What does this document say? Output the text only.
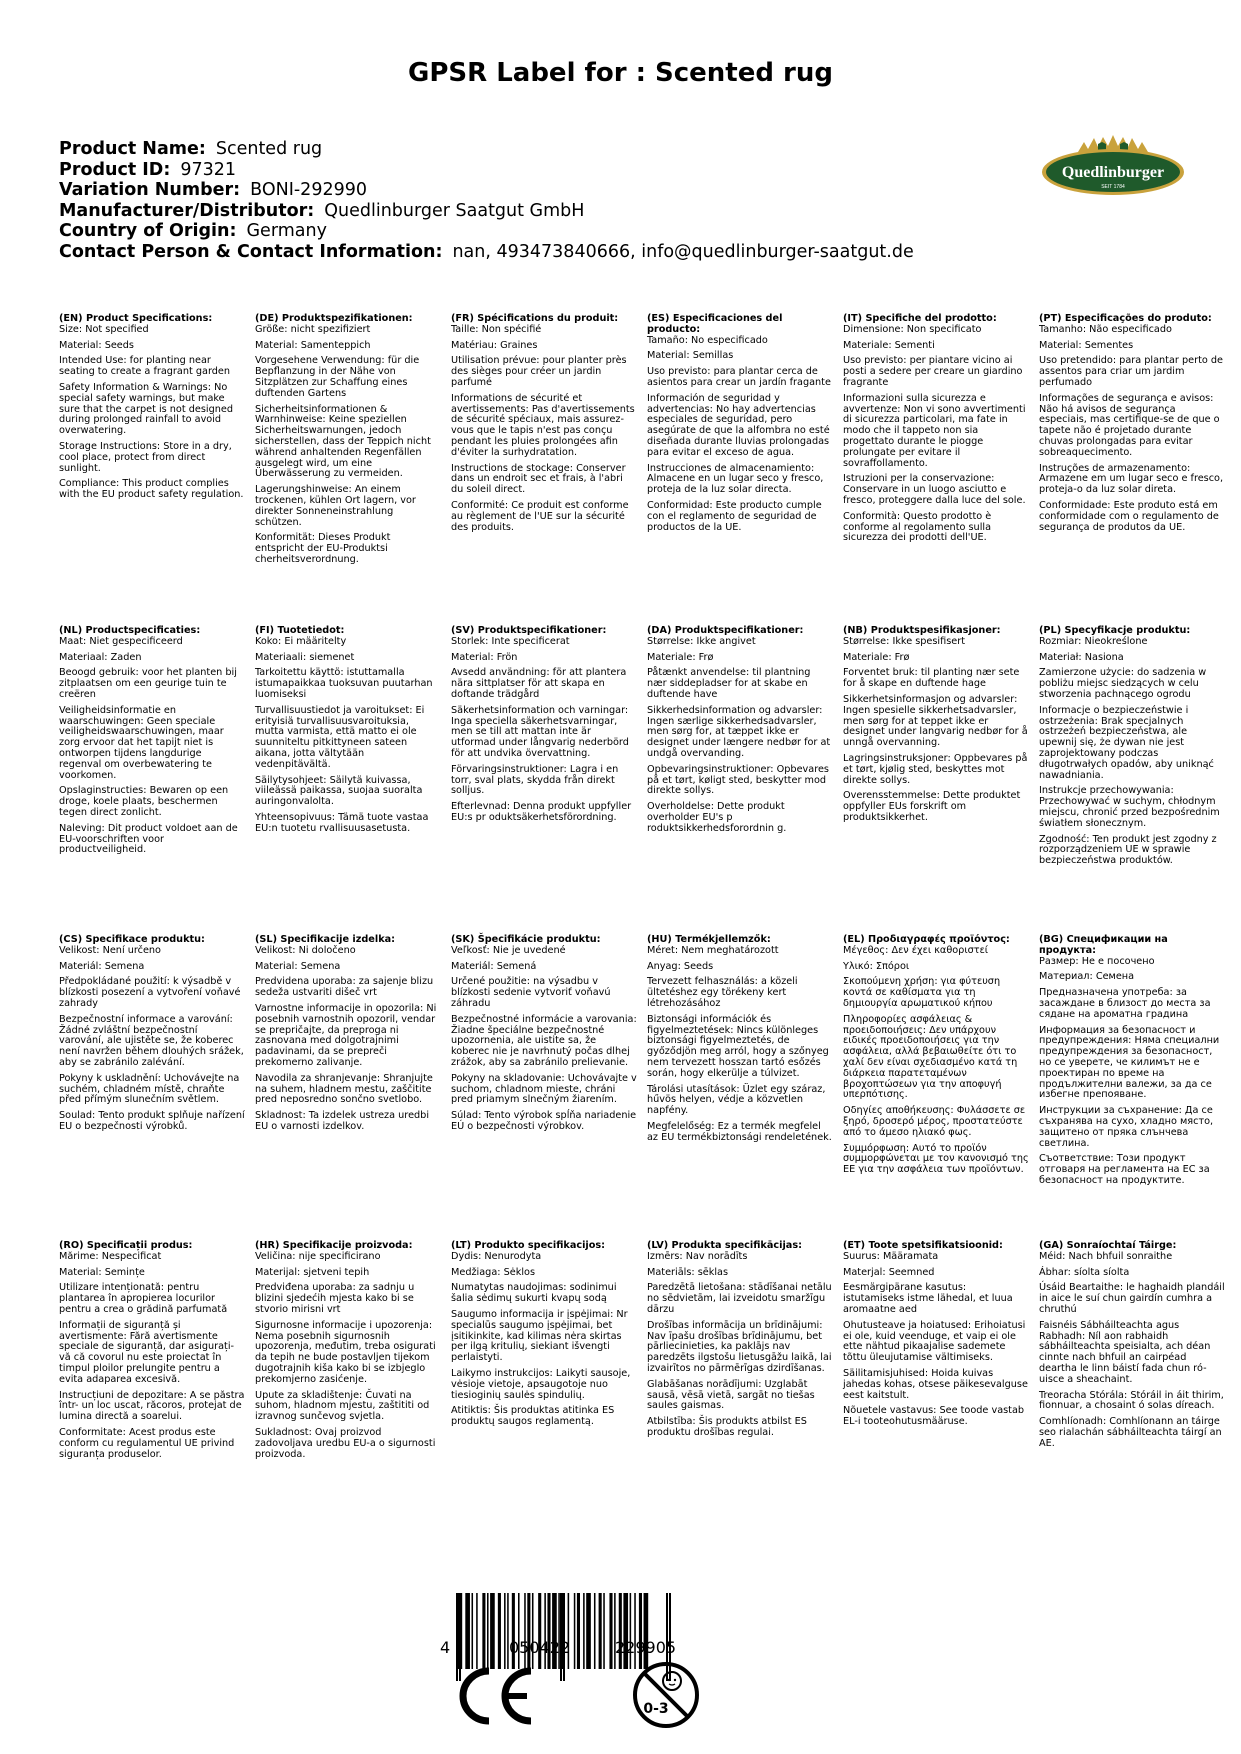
GPSR Label for : Scented rug
Product Name: Scented rug
Product ID: 97321
Variation Number: BONI-292990
Manufacturer/Distributor: Quedlinburger Saatgut GmbH
Country of Origin: Germany
Contact Person & Contact Information: nan, 493473840666, info@quedlinburger-saatgut.de
Quedlinburger
SEIT 1784
(EN) Product Specifications:
Size: Not specified
Material: Seeds
Intended Use: for planting near seating to create a fragrant garden
Safety Information & Warnings: No special safety warnings, but make sure that the carpet is not designed during prolonged rainfall to avoid overwatering.
Storage Instructions: Store in a dry, cool place, protect from direct sunlight.
Compliance: This product complies with the EU product safety regulation.
(DE) Produktspezifikationen:
Größe: nicht spezifiziert
Material: Samenteppich
Vorgesehene Verwendung: für die Bepflanzung in der Nähe von Sitzplätzen zur Schaffung eines duftenden Gartens
Sicherheitsinformationen & Warnhinweise: Keine speziellen Sicherheitswarnungen, jedoch sicherstellen, dass der Teppich nicht während anhaltenden Regenfällen ausgelegt wird, um eine Überwässerung zu vermeiden.
Lagerungshinweise: An einem trockenen, kühlen Ort lagern, vor direkter Sonneneinstrahlung schützen.
Konformität: Dieses Produkt entspricht der EU-Produktsi cherheitsverordnung.
(FR) Spécifications du produit:
Taille: Non spécifié
Matériau: Graines
Utilisation prévue: pour planter près des sièges pour créer un jardin parfumé
Informations de sécurité et avertissements: Pas d'avertissements de sécurité spéciaux, mais assurez-vous que le tapis n'est pas conçu pendant les pluies prolongées afin d'éviter la surhydratation.
Instructions de stockage: Conserver dans un endroit sec et frais, à l'abri du soleil direct.
Conformité: Ce produit est conforme au règlement de l'UE sur la sécurité des produits.
(ES) Especificaciones del producto:
Tamaño: No especificado
Material: Semillas
Uso previsto: para plantar cerca de asientos para crear un jardín fragante
Información de seguridad y advertencias: No hay advertencias especiales de seguridad, pero asegúrate de que la alfombra no esté diseñada durante lluvias prolongadas para evitar el exceso de agua.
Instrucciones de almacenamiento: Almacene en un lugar seco y fresco, proteja de la luz solar directa.
Conformidad: Este producto cumple con el reglamento de seguridad de productos de la UE.
(IT) Specifiche del prodotto:
Dimensione: Non specificato
Materiale: Sementi
Uso previsto: per piantare vicino ai posti a sedere per creare un giardino fragrante
Informazioni sulla sicurezza e avvertenze: Non vi sono avvertimenti di sicurezza particolari, ma fate in modo che il tappeto non sia progettato durante le piogge prolungate per evitare il sovraffollamento.
Istruzioni per la conservazione: Conservare in un luogo asciutto e fresco, proteggere dalla luce del sole.
Conformità: Questo prodotto è conforme al regolamento sulla sicurezza dei prodotti dell'UE.
(PT) Especificações do produto:
Tamanho: Não especificado
Material: Sementes
Uso pretendido: para plantar perto de assentos para criar um jardim perfumado
Informações de segurança e avisos: Não há avisos de segurança especiais, mas certifique-se de que o tapete não é projetado durante chuvas prolongadas para evitar sobreaquecimento.
Instruções de armazenamento: Armazene em um lugar seco e fresco, proteja-o da luz solar direta.
Conformidade: Este produto está em conformidade com o regulamento de segurança de produtos da UE.
(NL) Productspecificaties:
Maat: Niet gespecificeerd
Materiaal: Zaden
Beoogd gebruik: voor het planten bij zitplaatsen om een geurige tuin te creëren
Veiligheidsinformatie en waarschuwingen: Geen speciale veiligheidswaarschuwingen, maar zorg ervoor dat het tapijt niet is ontworpen tijdens langdurige regenval om overbewatering te voorkomen.
Opslaginstructies: Bewaren op een droge, koele plaats, beschermen tegen direct zonlicht.
Naleving: Dit product voldoet aan de EU-voorschriften voor productveiligheid.
(FI) Tuotetiedot:
Koko: Ei määritelty
Materiaali: siemenet
Tarkoitettu käyttö: istuttamalla istumapaikkaa tuoksuvan puutarhan luomiseksi
Turvallisuustiedot ja varoitukset: Ei erityisiä turvallisuusvaroituksia, mutta varmista, että matto ei ole suunniteltu pitkittyneen sateen aikana, jotta vältytään vedenpitävältä.
Säilytysohjeet: Säilytä kuivassa, viileässä paikassa, suojaa suoralta auringonvalolta.
Yhteensopivuus: Tämä tuote vastaa EU:n tuotetu rvallisuusasetusta.
(SV) Produktspecifikationer:
Storlek: Inte specificerat
Material: Frön
Avsedd användning: för att plantera nära sittplatser för att skapa en doftande trädgård
Säkerhetsinformation och varningar: Inga speciella säkerhetsvarningar, men se till att mattan inte är utformad under långvarig nederbörd för att undvika övervattning.
Förvaringsinstruktioner: Lagra i en torr, sval plats, skydda från direkt solljus.
Efterlevnad: Denna produkt uppfyller EU:s pr oduktsäkerhetsförordning.
(DA) Produktspecifikationer:
Størrelse: Ikke angivet
Materiale: Frø
Påtænkt anvendelse: til plantning nær siddepladser for at skabe en duftende have
Sikkerhedsinformation og advarsler: Ingen særlige sikkerhedsadvarsler, men sørg for, at tæppet ikke er designet under længere nedbør for at undgå overvanding.
Opbevaringsinstruktioner: Opbevares på et tørt, køligt sted, beskytter mod direkte sollys.
Overholdelse: Dette produkt overholder EU's p roduktsikkerhedsforordnin g.
(NB) Produktspesifikasjoner:
Størrelse: Ikke spesifisert
Materiale: Frø
Forventet bruk: til planting nær sete for å skape en duftende hage
Sikkerhetsinformasjon og advarsler: Ingen spesielle sikkerhetsadvarsler, men sørg for at teppet ikke er designet under langvarig nedbør for å unngå overvanning.
Lagringsinstruksjoner: Oppbevares på et tørt, kjølig sted, beskyttes mot direkte sollys.
Overensstemmelse: Dette produktet oppfyller EUs forskrift om produktsikkerhet.
(PL) Specyfikacje produktu:
Rozmiar: Nieokreślone
Materiał: Nasiona
Zamierzone użycie: do sadzenia w pobliżu miejsc siedzących w celu stworzenia pachnącego ogrodu
Informacje o bezpieczeństwie i ostrzeżenia: Brak specjalnych ostrzeżeń bezpieczeństwa, ale upewnij się, że dywan nie jest zaprojektowany podczas długotrwałych opadów, aby uniknąć nawadniania.
Instrukcje przechowywania: Przechowywać w suchym, chłodnym miejscu, chronić przed bezpośrednim światłem słonecznym.
Zgodność: Ten produkt jest zgodny z rozporządzeniem UE w sprawie bezpieczeństwa produktów.
(CS) Specifikace produktu:
Velikost: Není určeno
Materiál: Semena
Předpokládané použití: k výsadbě v blízkosti posezení a vytvoření voňavé zahrady
Bezpečnostní informace a varování: Žádné zvláštní bezpečnostní varování, ale ujistěte se, že koberec není navržen během dlouhých srážek, aby se zabránilo zalévání.
Pokyny k uskladnění: Uchovávejte na suchém, chladném místě, chraňte před přímým slunečním světlem.
Soulad: Tento produkt splňuje nařízení EU o bezpečnosti výrobků.
(SL) Specifikacije izdelka:
Velikost: Ni določeno
Material: Semena
Predvidena uporaba: za sajenje blizu sedeža ustvariti dišeč vrt
Varnostne informacije in opozorila: Ni posebnih varnostnih opozoril, vendar se prepričajte, da preproga ni zasnovana med dolgotrajnimi padavinami, da se prepreči prekomerno zalivanje.
Navodila za shranjevanje: Shranjujte na suhem, hladnem mestu, zaščitite pred neposredno sončno svetlobo.
Skladnost: Ta izdelek ustreza uredbi EU o varnosti izdelkov.
(SK) Špecifikácie produktu:
Veľkosť: Nie je uvedené
Materiál: Semená
Určené použitie: na výsadbu v blízkosti sedenie vytvoriť voňavú záhradu
Bezpečnostné informácie a varovania: Žiadne špeciálne bezpečnostné upozornenia, ale uistite sa, že koberec nie je navrhnutý počas dlhej zrážok, aby sa zabránilo prelievanie.
Pokyny na skladovanie: Uchovávajte v suchom, chladnom mieste, chráni pred priamym slnečným žiarením.
Súlad: Tento výrobok spĺňa nariadenie EÚ o bezpečnosti výrobkov.
(HU) Termékjellemzők:
Méret: Nem meghatározott
Anyag: Seeds
Tervezett felhasználás: a közeli ültetéshez egy törékeny kert létrehozásához
Biztonsági információk és figyelmeztetések: Nincs különleges biztonsági figyelmeztetés, de győződjön meg arról, hogy a szőnyeg nem tervezett hosszan tartó esőzés során, hogy elkerülje a túlvizet.
Tárolási utasítások: Üzlet egy száraz, hűvös helyen, védje a közvetlen napfény.
Megfelelőség: Ez a termék megfelel az EU termékbiztonsági rendeletének.
(EL) Προδιαγραφές προϊόντος:
Μέγεθος: Δεν έχει καθοριστεί
Υλικό: Σπόροι
Σκοπούμενη χρήση: για φύτευση κοντά σε καθίσματα για τη δημιουργία αρωματικού κήπου
Πληροφορίες ασφάλειας & προειδοποιήσεις: Δεν υπάρχουν ειδικές προειδοποιήσεις για την ασφάλεια, αλλά βεβαιωθείτε ότι το χαλί δεν είναι σχεδιασμένο κατά τη διάρκεια παρατεταμένων βροχοπτώσεων για την αποφυγή υπερπότισης.
Οδηγίες αποθήκευσης: Φυλάσσετε σε ξηρό, δροσερό μέρος, προστατεύστε από το άμεσο ηλιακό φως.
Συμμόρφωση: Αυτό το προϊόν συμμορφώνεται με τον κανονισμό της ΕΕ για την ασφάλεια των προϊόντων.
(BG) Спецификации на продукта:
Размер: Не е посочено
Материал: Семена
Предназначена употреба: за засаждане в близост до места за сядане на ароматна градина
Информация за безопасност и предупреждения: Няма специални предупреждения за безопасност, но се уверете, че килимът не е проектиран по време на продължителни валежи, за да се избегне препояване.
Инструкции за съхранение: Да се съхранява на сухо, хладно място, защитено от пряка слънчева светлина.
Съответствие: Този продукт отговаря на регламента на ЕС за безопасност на продуктите.
(RO) Specificații produs:
Mărime: Nespecificat
Material: Semințe
Utilizare intenționată: pentru plantarea în apropierea locurilor pentru a crea o grădină parfumată
Informații de siguranță și avertismente: Fără avertismente speciale de siguranță, dar asigurați-vă că covorul nu este proiectat în timpul ploilor prelungite pentru a evita adaparea excesivă.
Instrucțiuni de depozitare: A se păstra într- un loc uscat, răcoros, protejat de lumina directă a soarelui.
Conformitate: Acest produs este conform cu regulamentul UE privind siguranța produselor.
(HR) Specifikacije proizvoda:
Veličina: nije specificirano
Materijal: sjetveni tepih
Predviđena uporaba: za sadnju u blizini sjedećih mjesta kako bi se stvorio mirisni vrt
Sigurnosne informacije i upozorenja: Nema posebnih sigurnosnih upozorenja, međutim, treba osigurati da tepih ne bude postavljen tijekom dugotrajnih kiša kako bi se izbjeglo prekomjerno zasićenje.
Upute za skladištenje: Čuvati na suhom, hladnom mjestu, zaštititi od izravnog sunčevog svjetla.
Sukladnost: Ovaj proizvod zadovoljava uredbu EU-a o sigurnosti proizvoda.
(LT) Produkto specifikacijos:
Dydis: Nenurodyta
Medžiaga: Sėklos
Numatytas naudojimas: sodinimui šalia sėdimų sukurti kvapų sodą
Saugumo informacija ir įspėjimai: Nr specialūs saugumo įspėjimai, bet įsitikinkite, kad kilimas nėra skirtas per ilgą kritulių, siekiant išvengti perlaistyti.
Laikymo instrukcijos: Laikyti sausoje, vėsioje vietoje, apsaugotoje nuo tiesioginių saulės spindulių.
Atitiktis: Šis produktas atitinka ES produktų saugos reglamentą.
(LV) Produkta specifikācijas:
Izmērs: Nav norādīts
Materiāls: sēklas
Paredzētā lietošana: stādīšanai netālu no sēdvietām, lai izveidotu smaržīgu dārzu
Drošības informācija un brīdinājumi: Nav īpašu drošības brīdinājumu, bet pārliecinieties, ka paklājs nav paredzēts ilgstošu lietusgāžu laikā, lai izvairītos no pārmērīgas dzirdīšanas.
Glabāšanas norādījumi: Uzglabāt sausā, vēsā vietā, sargāt no tiešas saules gaismas.
Atbilstība: Šis produkts atbilst ES produktu drošības regulai.
(ET) Toote spetsifikatsioonid:
Suurus: Määramata
Materjal: Seemned
Eesmärgipärane kasutus: istutamiseks istme lähedal, et luua aromaatne aed
Ohutusteave ja hoiatused: Erihoiatusi ei ole, kuid veenduge, et vaip ei ole ette nähtud pikaajalise sademete tõttu üleujutamise vältimiseks.
Säilitamisjuhised: Hoida kuivas jahedas kohas, otsese päikesevalguse eest kaitstult.
Nõuetele vastavus: See toode vastab EL-i tooteohutusmääruse.
(GA) Sonraíochtaí Táirge:
Méid: Nach bhfuil sonraithe
Ábhar: síolta síolta
Úsáid Beartaithe: le haghaidh plandáil in aice le suí chun gairdín cumhra a chruthú
Faisnéis Sábháilteachta agus Rabhadh: Níl aon rabhaidh sábháilteachta speisialta, ach déan cinnte nach bhfuil an cairpéad deartha le linn báistí fada chun ró-uisce a sheachaint.
Treoracha Stórála: Stóráil in áit thirim, fionnuar, a chosaint ó solas díreach.
Comhlíonadh: Comhlíonann an táirge seo rialachán sábháilteachta táirgí an AE.
4	050422	229905
0-3
